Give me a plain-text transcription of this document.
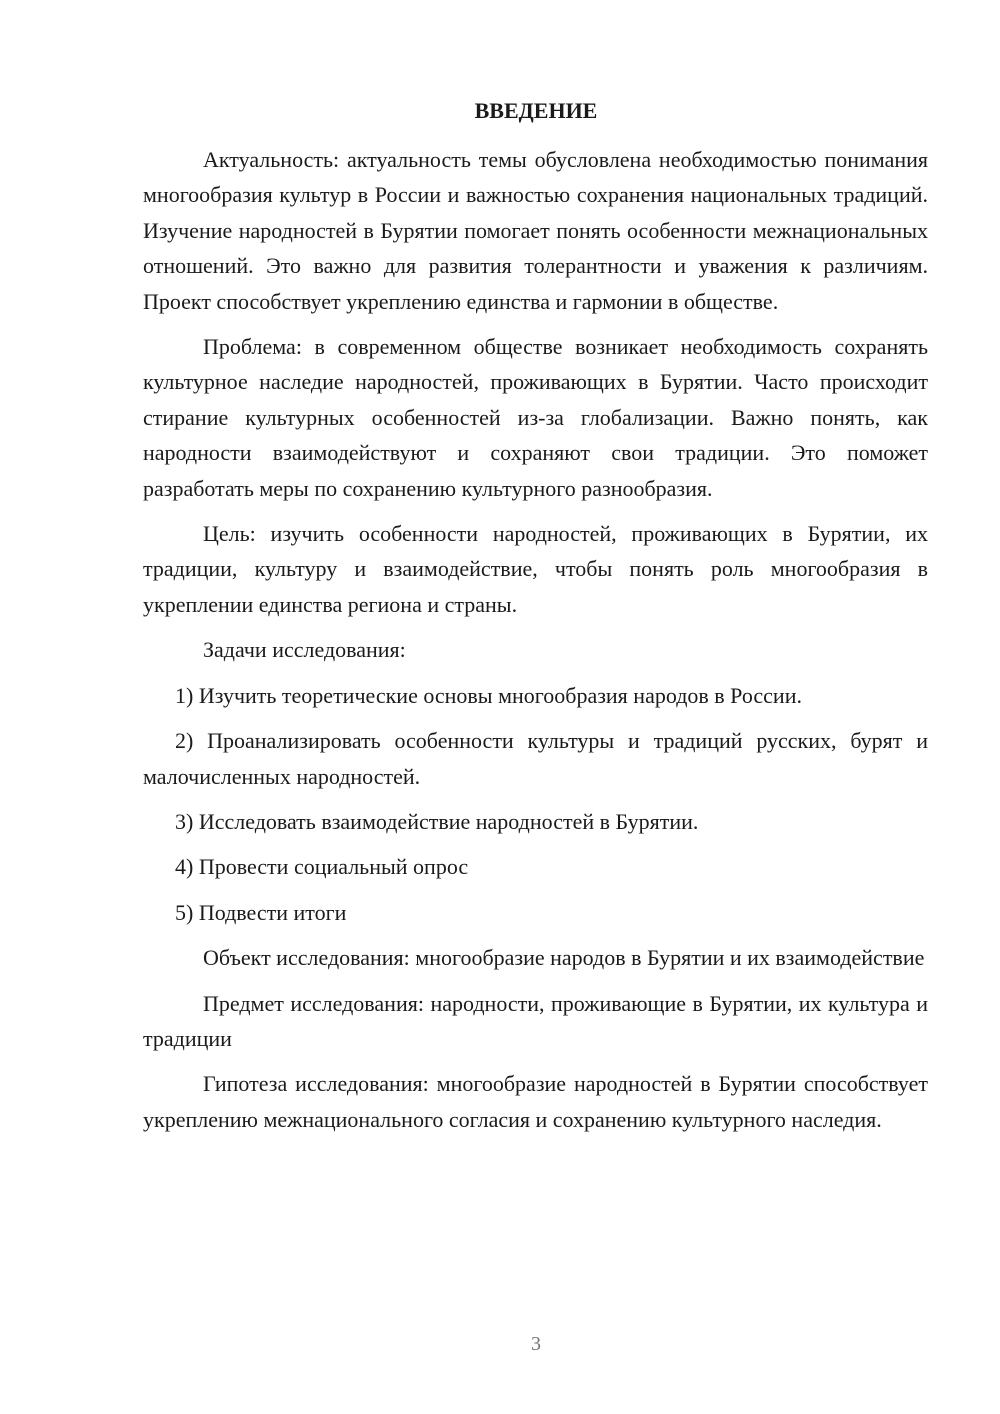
ВВЕДЕНИЕ

Актуальность: актуальность темы обусловлена необходимостью понимания многообразия культур в России и важностью сохранения национальных традиций. Изучение народностей в Бурятии помогает понять особенности межнациональных отношений. Это важно для развития толерантности и уважения к различиям. Проект способствует укреплению единства и гармонии в обществе.

Проблема: в современном обществе возникает необходимость сохранять культурное наследие народностей, проживающих в Бурятии. Часто происходит стирание культурных особенностей из-за глобализации. Важно понять, как народности взаимодействуют и сохраняют свои традиции. Это поможет разработать меры по сохранению культурного разнообразия.

Цель: изучить особенности народностей, проживающих в Бурятии, их традиции, культуру и взаимодействие, чтобы понять роль многообразия в укреплении единства региона и страны.

Задачи исследования:

1) Изучить теоретические основы многообразия народов в России.

2) Проанализировать особенности культуры и традиций русских, бурят и малочисленных народностей.

3) Исследовать взаимодействие народностей в Бурятии.

4) Провести социальный опрос

5) Подвести итоги

Объект исследования: многообразие народов в Бурятии и их взаимодействие

Предмет исследования: народности, проживающие в Бурятии, их культура и традиции

Гипотеза исследования: многообразие народностей в Бурятии способствует укреплению межнационального согласия и сохранению культурного наследия.

3
